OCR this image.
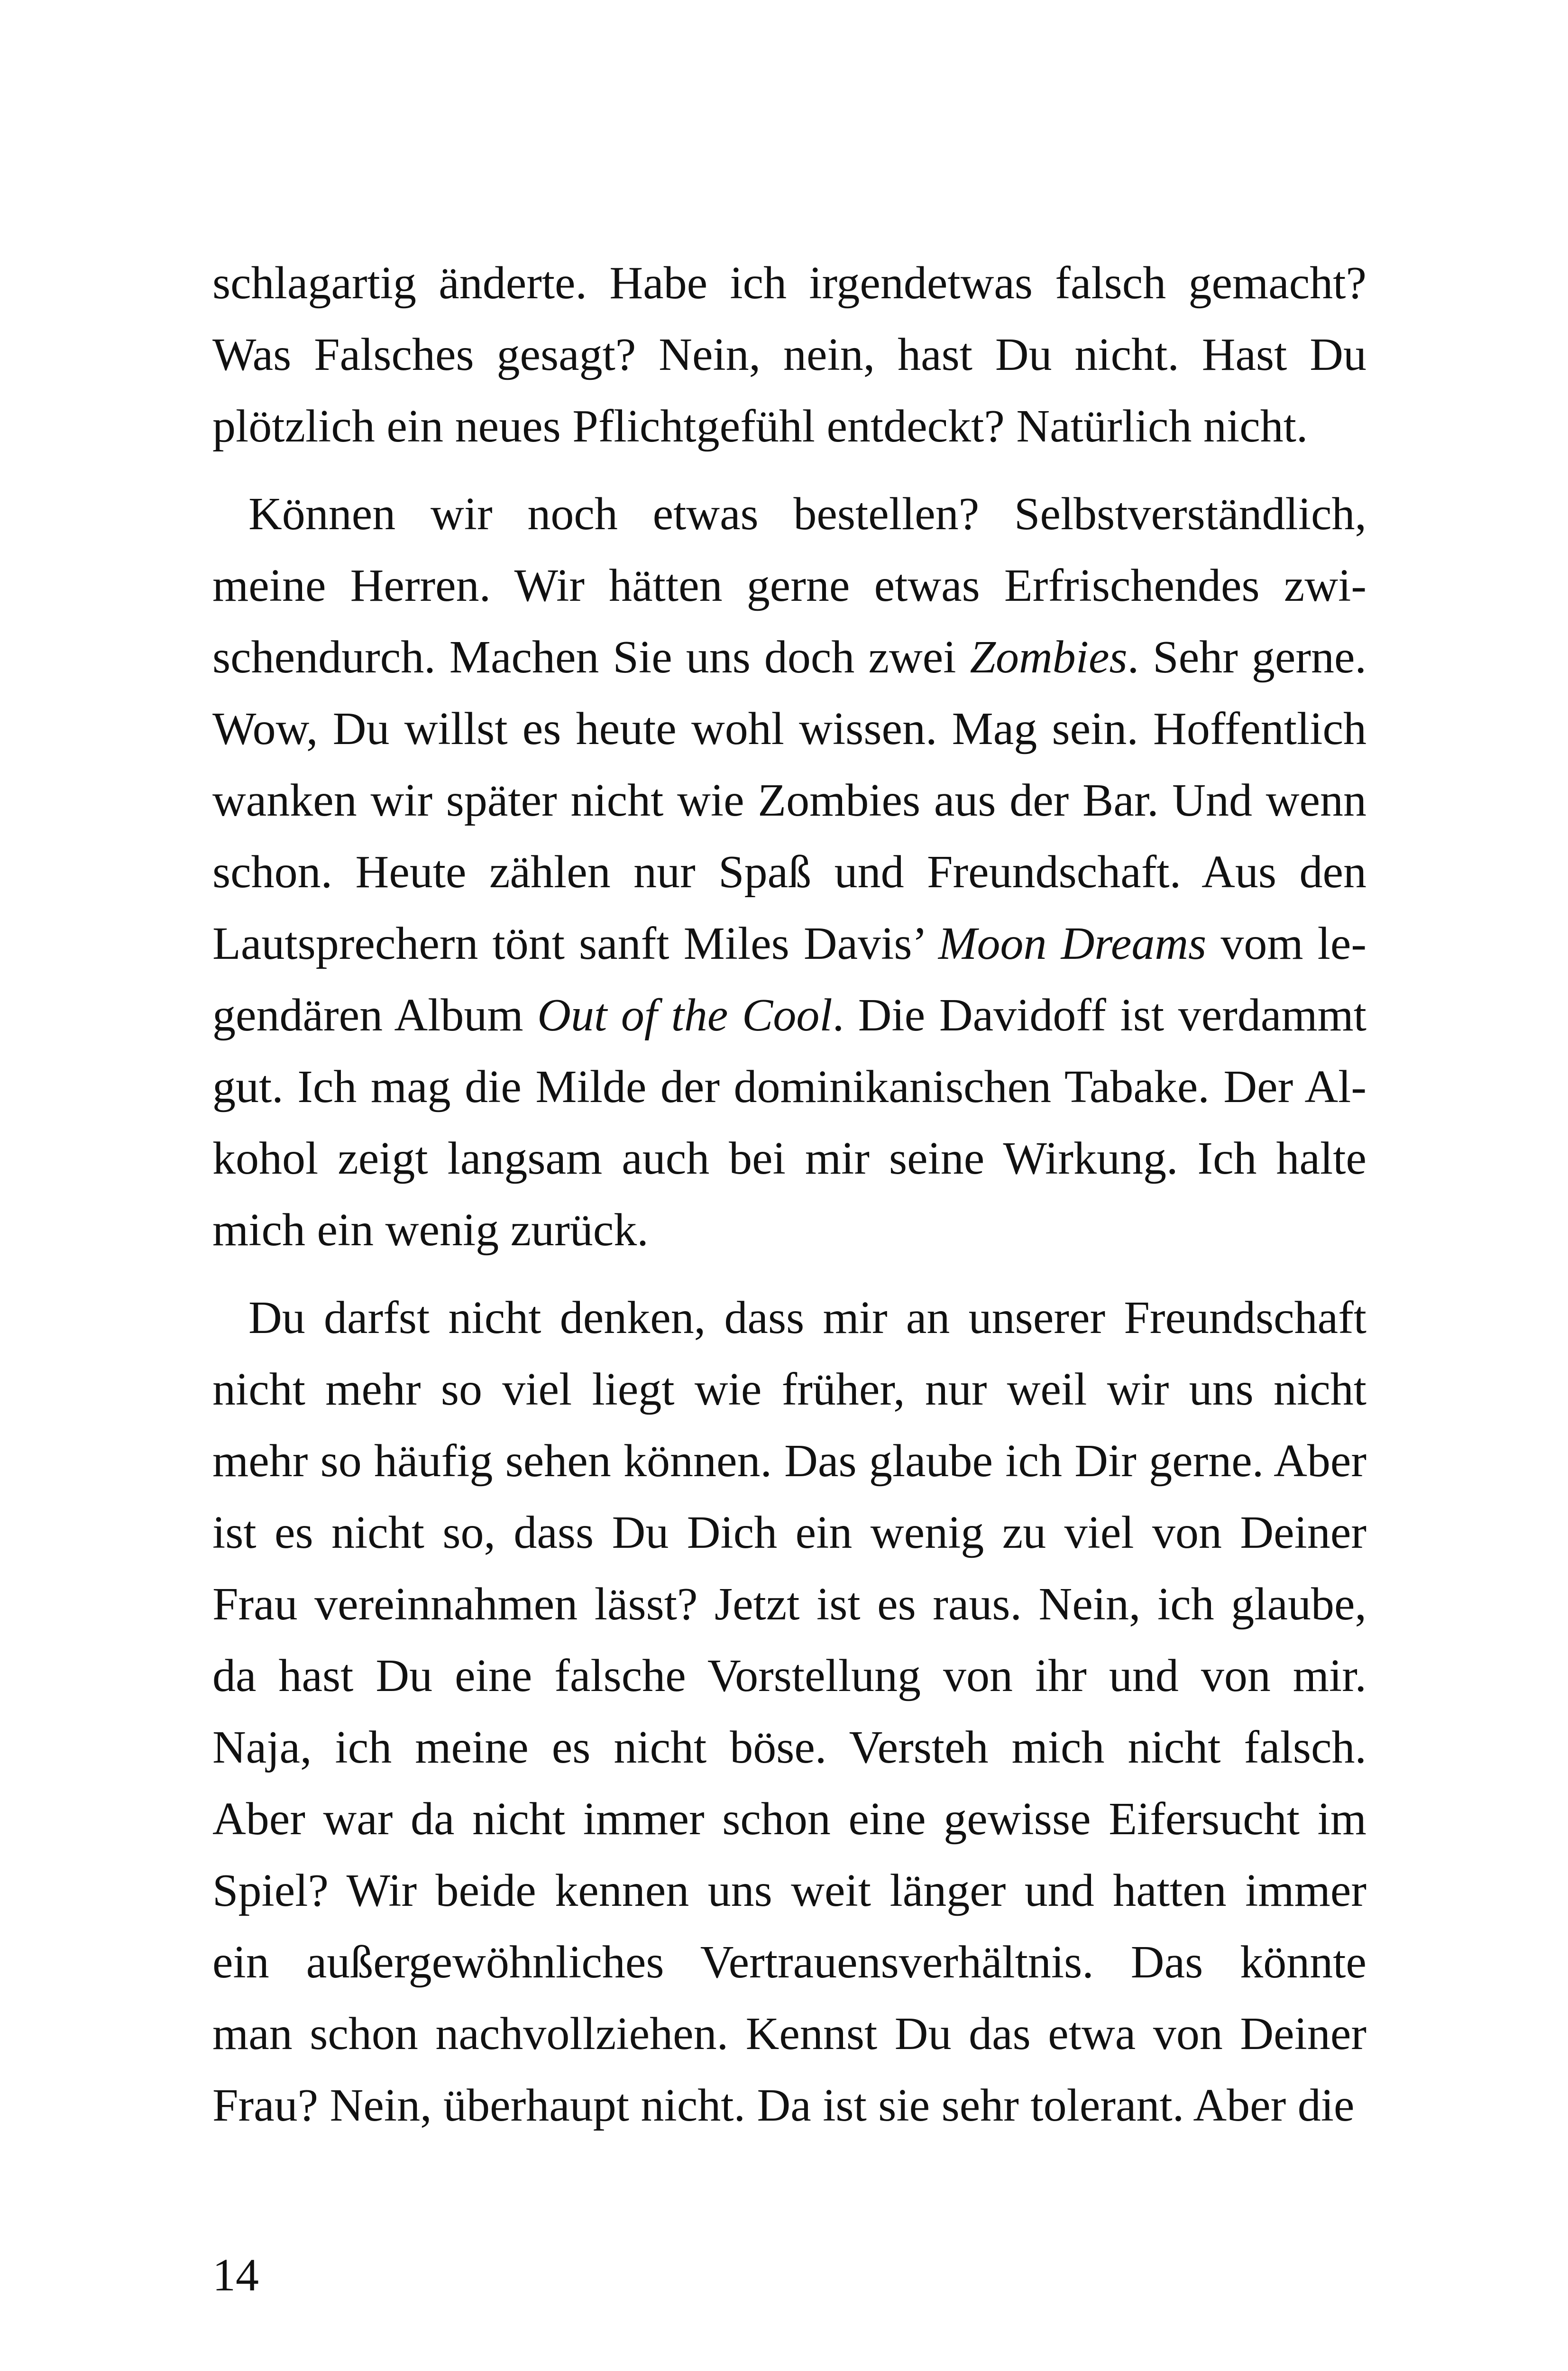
schlagartig änderte. Habe ich irgendetwas falsch gemacht?
Was Falsches gesagt? Nein, nein, hast Du nicht. Hast Du
plötzlich ein neues Pflichtgefühl entdeckt? Natürlich nicht.
Können wir noch etwas bestellen? Selbstverständlich,
meine Herren. Wir hätten gerne etwas Erfrischendes zwi-
schendurch. Machen Sie uns doch zwei Zombies. Sehr gerne.
Wow, Du willst es heute wohl wissen. Mag sein. Hoffentlich
wanken wir später nicht wie Zombies aus der Bar. Und wenn
schon. Heute zählen nur Spaß und Freundschaft. Aus den
Lautsprechern tönt sanft Miles Davis’ Moon Dreams vom le-
gendären Album Out of the Cool. Die Davidoff ist verdammt
gut. Ich mag die Milde der dominikanischen Tabake. Der Al-
kohol zeigt langsam auch bei mir seine Wirkung. Ich halte
mich ein wenig zurück.
Du darfst nicht denken, dass mir an unserer Freundschaft
nicht mehr so viel liegt wie früher, nur weil wir uns nicht
mehr so häufig sehen können. Das glaube ich Dir gerne. Aber
ist es nicht so, dass Du Dich ein wenig zu viel von Deiner
Frau vereinnahmen lässt? Jetzt ist es raus. Nein, ich glaube,
da hast Du eine falsche Vorstellung von ihr und von mir.
Naja, ich meine es nicht böse. Versteh mich nicht falsch.
Aber war da nicht immer schon eine gewisse Eifersucht im
Spiel? Wir beide kennen uns weit länger und hatten immer
ein außergewöhnliches Vertrauensverhältnis. Das könnte
man schon nachvollziehen. Kennst Du das etwa von Deiner
Frau? Nein, überhaupt nicht. Da ist sie sehr tolerant. Aber die
14
